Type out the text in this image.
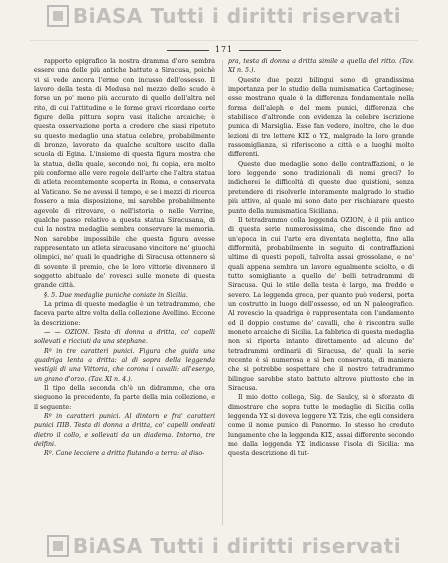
BiASA Tutti i diritti riservati
171

rapporto epigrafico la nostra dramma d'oro sembra essere una delle più antiche battute a Siracusa, poichè vi si vede ancora l'erme con incusso dell'ossesso. Il lavoro della testa di Medusa nel mezzo dello scudo è forse un po' meno più accurato di quello dell'altra nel rito, di cui l'attitudine e le forme gravi ricordano certe figure della pittura sopra vasi italiche arcaiche; è questa osservazione porta a credere che siasi ripetuto su questo medaglio una statua celebre, probabilmente di bronzo, lavorato da qualche scultore uscito dalla scuola di Egina. L'insieme di questa figura mostra che la statua, della quale, secondo noi, fu copia, era molto più conforme alle vere regole dell'arte che l'altra statua di atleta recentemente scoperta in Roma, e conservata al Vaticano. Se ne avessi il tempo, e se i mezzi di ricerca fossero a mia disposizione, mi sarebbe probabilmente agevole di ritrovare, o nell'istoria o nelle Verrine, qualche passo relativo a questa statua Siracusana, di cui la nostra medaglia sembra conservare la memoria. Non sarebbe impossibile che questa figura avesse rappresentato un atleta siracusano vincitore ne' giuochi olimpici, ne' quali le quadrighe di Siracusa ottennero sì di sovente il premio, che le loro vittorie divennero il soggetto abituale de' rovesci sulle monete di questa grande città.

§. 5. Due medaglie puniche coniate in Sicilia.

La prima di queste medaglie è un tetradrammo, che faceva parte altre volta della collezione Avellino. Eccone la descrizione:

— — OZION. Testa di donna a dritta, co' capelli sollevati e ricciuti da una stephane.

Rº in tre caratteri punici. Figura che guida una quadriga lenta a dritta: al di sopra della leggenda vestigii di una Vittoria, che corona i cavalli: all'esergo, un grano d'orzo. (Tav. XI n. 4.).

Il tipo della seconda ch'è un didrammo, che ora sieguono la precedente, fa parte della mia collezione, e il seguente:

Rº in caratteri punici. Al dintorn e fra' caratteri punici ΠΙΒ. Testa di donna a dritta, co' capelli ondeati dietro il collo, e sollevati da un diadema. Intorno, tre delfini.

Rº. Cane lecciere a dritta fiutando a terra: al diso-

pra, testa di donna a dritta simile a quella del ritto. (Tav. XI n. 5.).

Queste due pezzi bilingui sono di grandissima importanza per lo studio della numismatica Cartaginese; esse mostrano quale è la differenza fondamentale nella forma dell'aleph e del mem punici, differenza che stabilisce d'altronde con evidenza la celebre iscrizione punica di Marsiglia. Esse fan vedere, inoltre, che le due lezioni di tre lettere ΚΙΣ o ΥΣ, malgrado la loro grande rassomiglianza, si riferiscono a città e a luoghi molto differenti.

Queste due medaglie sono delle contraffazioni, o le loro leggende sono tradizionali di nomi greci? Io indicherei le difficoltà di queste due quistioni, senza pretendere di risolverle interamente malgrado lo studio più attivo, al quale mi sono dato per rischiarare questo punto della numismatica Siciliana.

Il tetradrammo colla leggenda ΟΖΙΟΝ, è il più antico di questa serie numerosissima, che discende fino ad un'epoca in cui l'arte era diventata negletta, fino alla difformità, probabilmente in seguito di contraffazioni ultime di questi popoli, talvolta assai grossolane, e ne' quali appena sembra un lavoro egualmente sciolto, e di tutto somigliante a quello de' belli tetradrammi di Siracusa. Qui lo stile della testa è largo, ma freddo e severo. La leggenda greca, per quanto può vedersi, porta un costrutto in luogo dell'ossesso, ed un N paleografico. Al rovescio la quadriga è rappresentata con l'andamento ed il doppio costume de' cavalli, che è riscontra sulle monete arcaiche di Sicilia. La fabbrica di questa medaglia non si riporta intanto direttamente ad alcuno de' tetradrammi ordinarii di Siracusa, de' quali la serie recente è sì numerosa e sì ben conservata, di maniera che si potrebbe sospettare che il nostro tetradrammo bilingue sarebbe stato battuto altrove piuttosto che in Siracusa.

Il mio dotto collega, Sig. de Saulcy, si è sforzato di dimostrare che sopra tutte le medaglie di Sicilia colla leggenda ΥΣ si doveva leggere ΥΣ Tzis, che egli considera come il nome punico di Panormo. Io stesso ho creduto lungamente che la leggenda ΚΙΣ, assai differente secondo me dalla leggenda ΥΣ indicasse l'isola di Sicilia: ma questa descrizione di tut-

BiASA Tutti i diritti riservati
